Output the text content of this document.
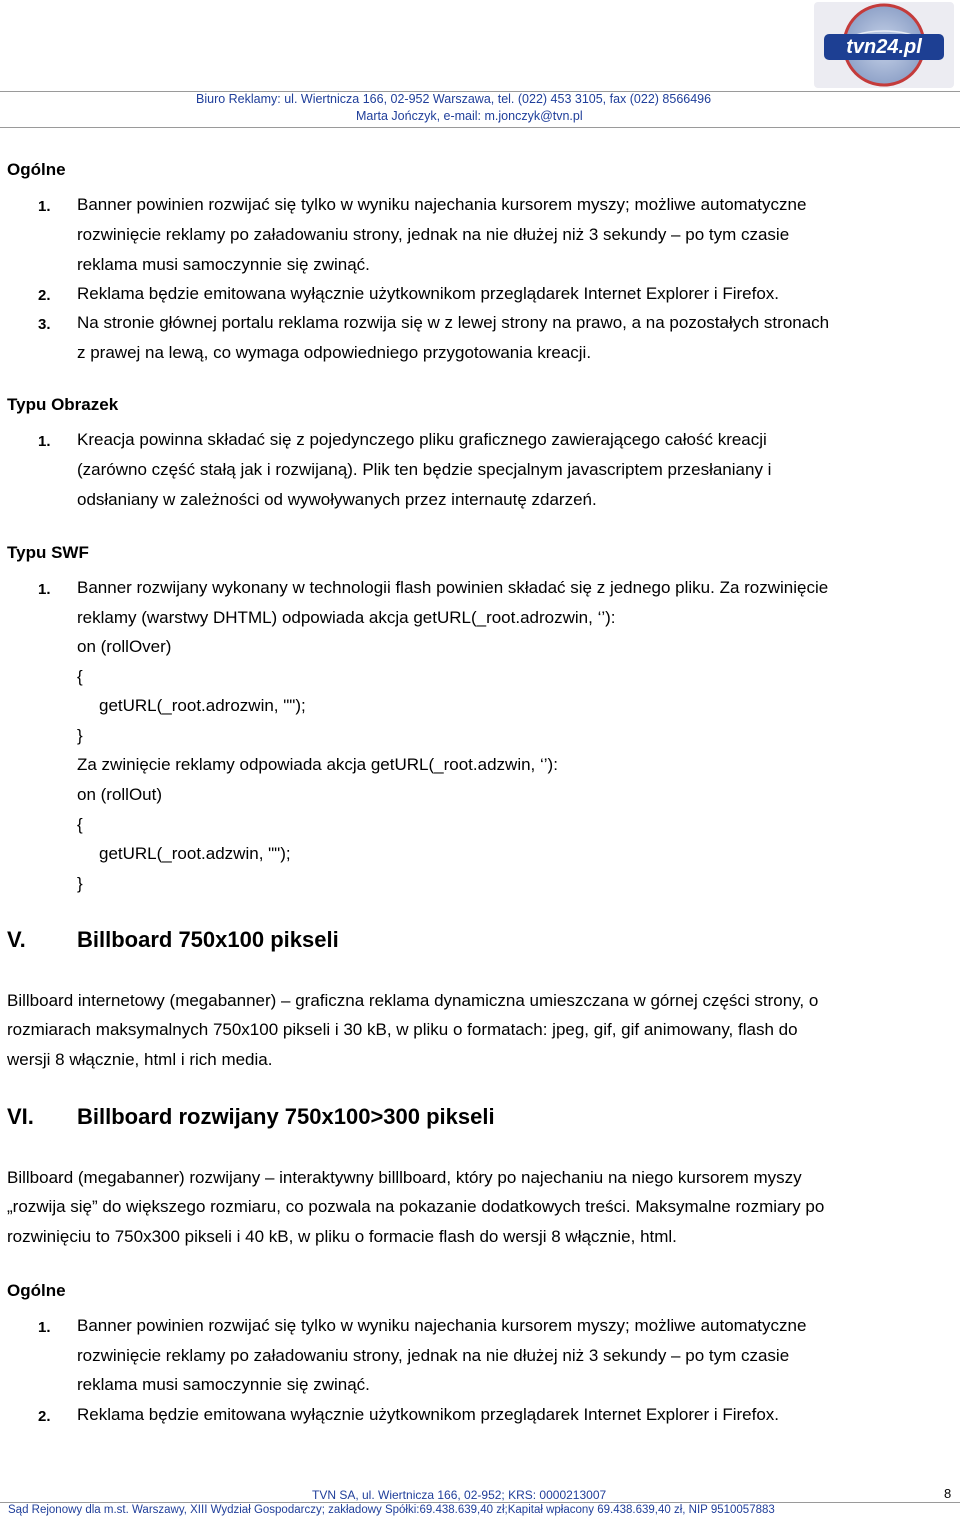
tvn24.pl
Biuro Reklamy: ul. Wiertnicza 166, 02-952 Warszawa, tel. (022) 453 3105, fax (022) 8566496
Marta Jończyk, e-mail: m.jonczyk@tvn.pl
Ogólne
1. Banner powinien rozwijać się tylko w wyniku najechania kursorem myszy; możliwe automatyczne
rozwinięcie reklamy po załadowaniu strony, jednak na nie dłużej niż 3 sekundy – po tym czasie
reklama musi samoczynnie się zwinąć.
2. Reklama będzie emitowana wyłącznie użytkownikom przeglądarek Internet Explorer i Firefox.
3. Na stronie głównej portalu reklama rozwija się w z lewej strony na prawo, a na pozostałych stronach
z prawej na lewą, co wymaga odpowiedniego przygotowania kreacji.
Typu Obrazek
1. Kreacja powinna składać się z pojedynczego pliku graficznego zawierającego całość kreacji
(zarówno część stałą jak i rozwijaną). Plik ten będzie specjalnym javascriptem przesłaniany i
odsłaniany w zależności od wywoływanych przez internautę zdarzeń.
Typu SWF
1. Banner rozwijany wykonany w technologii flash powinien składać się z jednego pliku. Za rozwinięcie
reklamy (warstwy DHTML) odpowiada akcja getURL(_root.adrozwin, ‘’):
on (rollOver)
{
getURL(_root.adrozwin, "");
}
Za zwinięcie reklamy odpowiada akcja getURL(_root.adzwin, ‘’):
on (rollOut)
{
getURL(_root.adzwin, "");
}
V. Billboard 750x100 pikseli
Billboard internetowy (megabanner) – graficzna reklama dynamiczna umieszczana w górnej części strony, o
rozmiarach maksymalnych 750x100 pikseli i 30 kB, w pliku o formatach: jpeg, gif, gif animowany, flash do
wersji 8 włącznie, html i rich media.
VI. Billboard rozwijany 750x100>300 pikseli
Billboard (megabanner) rozwijany – interaktywny billlboard, który po najechaniu na niego kursorem myszy
„rozwija się” do większego rozmiaru, co pozwala na pokazanie dodatkowych treści. Maksymalne rozmiary po
rozwinięciu to 750x300 pikseli i 40 kB, w pliku o formacie flash do wersji 8 włącznie, html.
Ogólne
1. Banner powinien rozwijać się tylko w wyniku najechania kursorem myszy; możliwe automatyczne
rozwinięcie reklamy po załadowaniu strony, jednak na nie dłużej niż 3 sekundy – po tym czasie
reklama musi samoczynnie się zwinąć.
2. Reklama będzie emitowana wyłącznie użytkownikom przeglądarek Internet Explorer i Firefox.
TVN SA, ul. Wiertnicza 166, 02-952; KRS: 0000213007
Sąd Rejonowy dla m.st. Warszawy, XIII Wydział Gospodarczy; zakładowy Spółki:69.438.639,40 zł;Kapitał wpłacony 69.438.639,40 zł, NIP 9510057883
8
